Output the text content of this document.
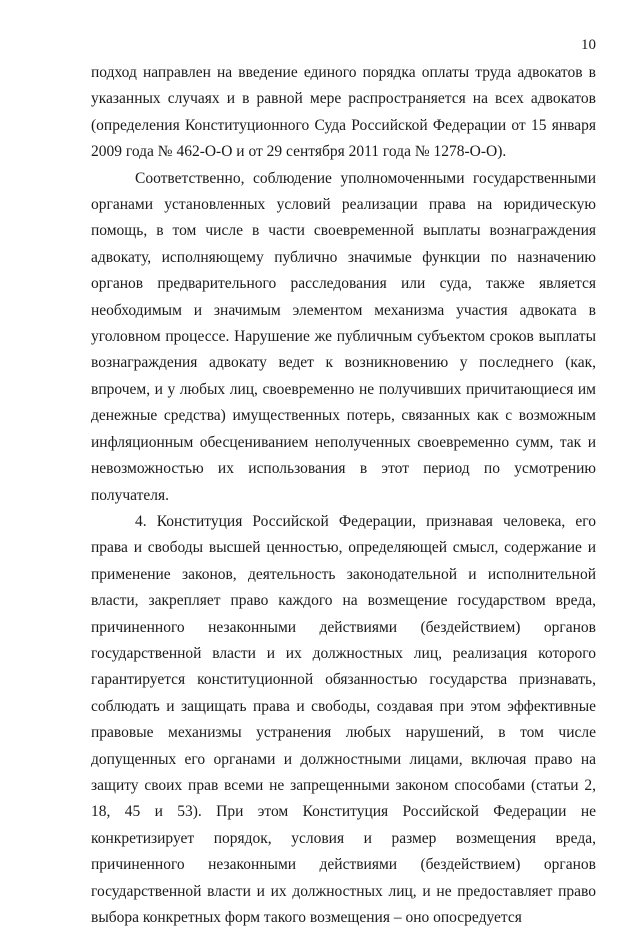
10

подход направлен на введение единого порядка оплаты труда адвокатов в указанных случаях и в равной мере распространяется на всех адвокатов (определения Конституционного Суда Российской Федерации от 15 января 2009 года № 462-О-О и от 29 сентября 2011 года № 1278-О-О).

Соответственно, соблюдение уполномоченными государственными органами установленных условий реализации права на юридическую помощь, в том числе в части своевременной выплаты вознаграждения адвокату, исполняющему публично значимые функции по назначению органов предварительного расследования или суда, также является необходимым и значимым элементом механизма участия адвоката в уголовном процессе. Нарушение же публичным субъектом сроков выплаты вознаграждения адвокату ведет к возникновению у последнего (как, впрочем, и у любых лиц, своевременно не получивших причитающиеся им денежные средства) имущественных потерь, связанных как с возможным инфляционным обесцениванием неполученных своевременно сумм, так и невозможностью их использования в этот период по усмотрению получателя.

4. Конституция Российской Федерации, признавая человека, его права и свободы высшей ценностью, определяющей смысл, содержание и применение законов, деятельность законодательной и исполнительной власти, закрепляет право каждого на возмещение государством вреда, причиненного незаконными действиями (бездействием) органов государственной власти и их должностных лиц, реализация которого гарантируется конституционной обязанностью государства признавать, соблюдать и защищать права и свободы, создавая при этом эффективные правовые механизмы устранения любых нарушений, в том числе допущенных его органами и должностными лицами, включая право на защиту своих прав всеми не запрещенными законом способами (статьи 2, 18, 45 и 53). При этом Конституция Российской Федерации не конкретизирует порядок, условия и размер возмещения вреда, причиненного незаконными действиями (бездействием) органов государственной власти и их должностных лиц, и не предоставляет право выбора конкретных форм такого возмещения – оно опосредуется
